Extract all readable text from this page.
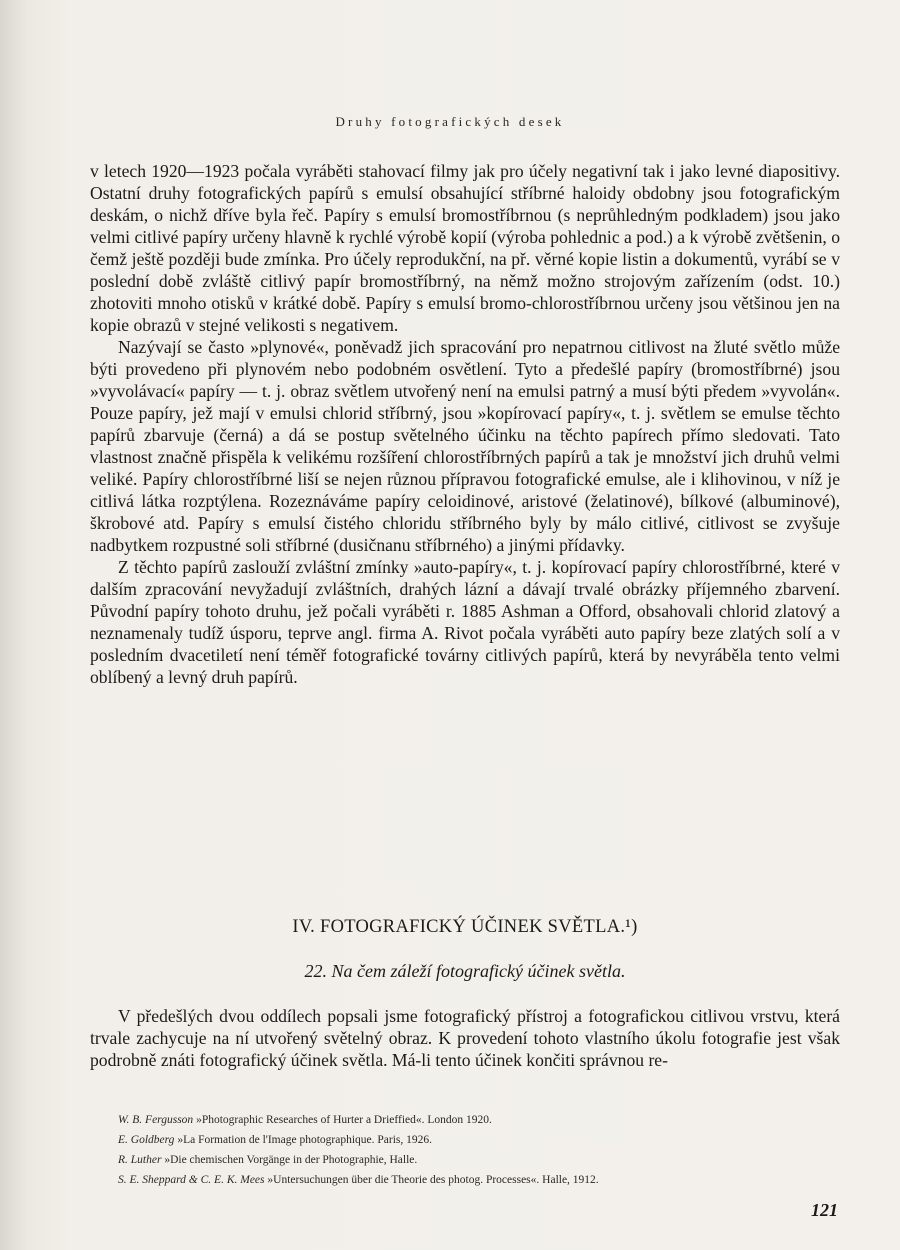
Druhy fotografických desek

v letech 1920—1923 počala vyráběti stahovací filmy jak pro účely negativní tak i jako levné diapositivy. Ostatní druhy fotografických papírů s emulsí obsahující stříbrné haloidy obdobny jsou fotografickým deskám, o nichž dříve byla řeč. Papíry s emulsí bromostříbrnou (s neprůhledným podkladem) jsou jako velmi citlivé papíry určeny hlavně k rychlé výrobě kopií (výroba pohlednic a pod.) a k výrobě zvětšenin, o čemž ještě později bude zmínka. Pro účely reprodukční, na př. věrné kopie listin a dokumentů, vyrábí se v poslední době zvláště citlivý papír bromostříbrný, na němž možno strojovým zařízením (odst. 10.) zhotoviti mnoho otisků v krátké době. Papíry s emulsí bromo-chlorostříbrnou určeny jsou většinou jen na kopie obrazů v stejné velikosti s negativem.

Nazývají se často »plynové«, poněvadž jich spracování pro nepatrnou citlivost na žluté světlo může býti provedeno při plynovém nebo podobném osvětlení. Tyto a předešlé papíry (bromostříbrné) jsou »vyvolávací« papíry — t. j. obraz světlem utvořený není na emulsi patrný a musí býti předem »vyvolán«. Pouze papíry, jež mají v emulsi chlorid stříbrný, jsou »kopírovací papíry«, t. j. světlem se emulse těchto papírů zbarvuje (černá) a dá se postup světelného účinku na těchto papírech přímo sledovati. Tato vlastnost značně přispěla k velikému rozšíření chlorostříbrných papírů a tak je množství jich druhů velmi veliké. Papíry chlorostříbrné liší se nejen různou přípravou fotografické emulse, ale i klihovinou, v níž je citlivá látka rozptýlena. Rozeznáváme papíry celoidinové, aristové (želatinové), bílkové (albuminové), škrobové atd. Papíry s emulsí čistého chloridu stříbrného byly by málo citlivé, citlivost se zvyšuje nadbytkem rozpustné soli stříbrné (dusičnanu stříbrného) a jinými přídavky.

Z těchto papírů zaslouží zvláštní zmínky »auto-papíry«, t. j. kopírovací papíry chlorostříbrné, které v dalším zpracování nevyžadují zvláštních, drahých lázní a dávají trvalé obrázky příjemného zbarvení. Původní papíry tohoto druhu, jež počali vyráběti r. 1885 Ashman a Offord, obsahovali chlorid zlatový a neznamenaly tudíž úsporu, teprve angl. firma A. Rivot počala vyráběti auto papíry beze zlatých solí a v posledním dvacetiletí není téměř fotografické továrny citlivých papírů, která by nevyráběla tento velmi oblíbený a levný druh papírů.

IV. FOTOGRAFICKÝ ÚČINEK SVĚTLA.¹)
22. Na čem záleží fotografický účinek světla.

V předešlých dvou oddílech popsali jsme fotografický přístroj a fotografickou citlivou vrstvu, která trvale zachycuje na ní utvořený světelný obraz. K provedení tohoto vlastního úkolu fotografie jest však podrobně znáti fotografický účinek světla. Má-li tento účinek končiti správnou re-

W. B. Fergusson »Photographic Researches of Hurter a Drieffied«. London 1920.

E. Goldberg »La Formation de l'Image photographique. Paris, 1926.

R. Luther »Die chemischen Vorgänge in der Photographie, Halle.

S. E. Sheppard & C. E. K. Mees »Untersuchungen über die Theorie des photog. Processes«. Halle, 1912.

121
